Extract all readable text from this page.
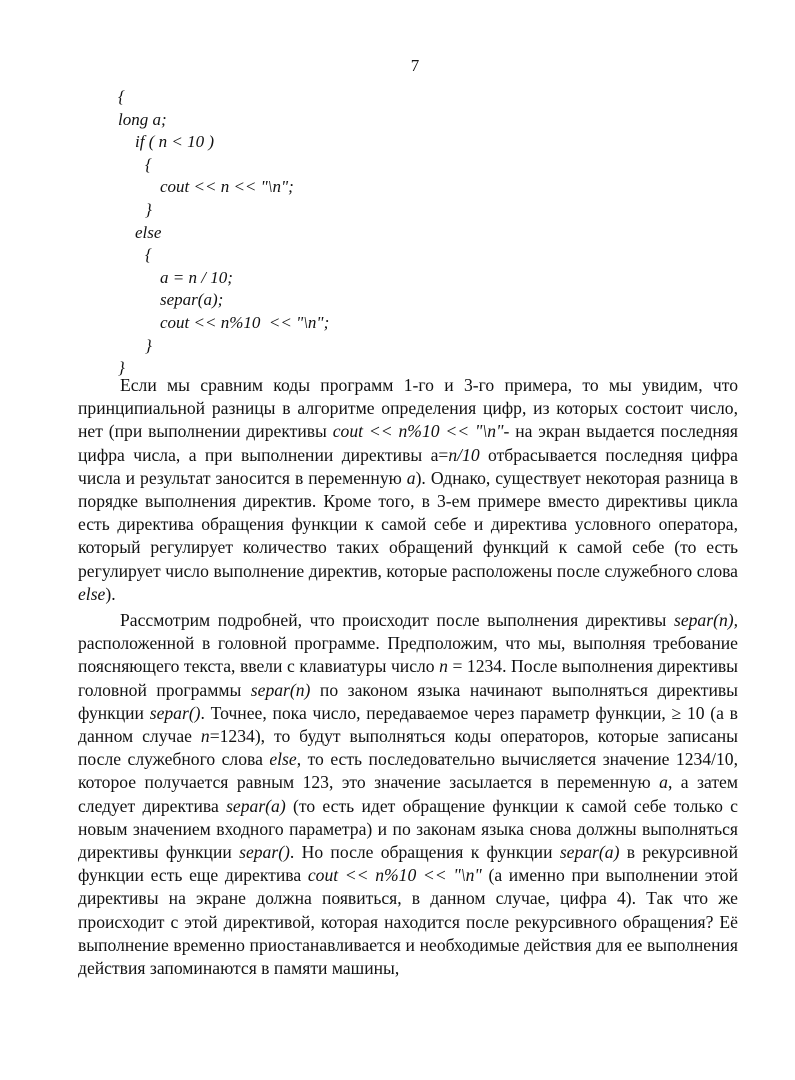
7
{
long a;
if ( n < 10 )
{
cout << n << "\n";
}
else
{
a = n / 10;
separ(a);
cout << n%10  << "\n";
}
}

Если мы сравним коды программ 1-го и 3-го примера, то мы увидим, что принципиальной разницы в алгоритме определения цифр, из которых состоит число, нет (при выполнении директивы cout << n%10 << "\n"- на экран выдается последняя цифра числа, а при выполнении директивы a=n/10 отбрасывается последняя цифра числа и результат заносится в переменную a). Однако, существует некоторая разница в порядке выполнения директив. Кроме того, в 3-ем примере вместо директивы цикла есть директива обращения функции к самой себе и директива условного оператора, который регулирует количество таких обращений функций к самой себе (то есть регулирует число выполнение директив, которые расположены после служебного слова else).

Рассмотрим подробней, что происходит после выполнения директивы separ(n), расположенной в головной программе. Предположим, что мы, выполняя требование поясняющего текста, ввели с клавиатуры число n = 1234. После выполнения директивы головной программы separ(n) по законом языка начинают выполняться директивы функции separ(). Точнее, пока число, передаваемое через параметр функции, ≥ 10 (а в данном случае n=1234), то будут выполняться коды операторов, которые записаны после служебного слова else, то есть последовательно вычисляется значение 1234/10, которое получается равным 123, это значение засылается в переменную a, а затем следует директива separ(a) (то есть идет обращение функции к самой себе только с новым значением входного параметра) и по законам языка снова должны выполняться директивы функции separ(). Но после обращения к функции separ(a) в рекурсивной функции есть еще директива cout << n%10 << "\n" (а именно при выполнении этой директивы на экране должна появиться, в данном случае, цифра 4). Так что же происходит с этой директивой, которая находится после рекурсивного обращения? Её выполнение временно приостанавливается и необходимые действия для ее выполнения действия запоминаются в памяти машины,
